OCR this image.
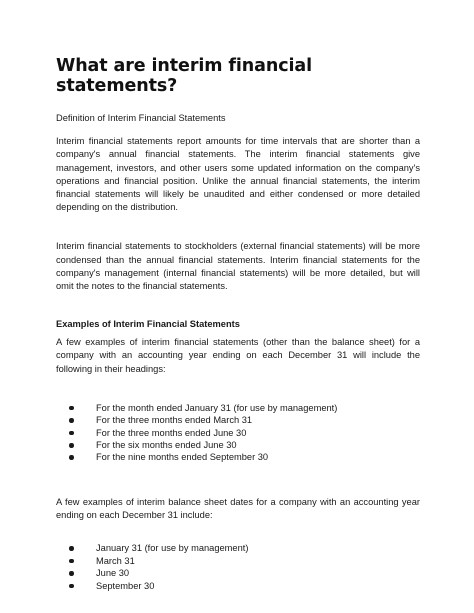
What are interim financial statements?

Definition of Interim Financial Statements

Interim financial statements report amounts for time intervals that are shorter than a company's annual financial statements. The interim financial statements give management, investors, and other users some updated information on the company's operations and financial position. Unlike the annual financial statements, the interim financial statements will likely be unaudited and either condensed or more detailed depending on the distribution.

Interim financial statements to stockholders (external financial statements) will be more condensed than the annual financial statements. Interim financial statements for the company's management (internal financial statements) will be more detailed, but will omit the notes to the financial statements.

Examples of Interim Financial Statements

A few examples of interim financial statements (other than the balance sheet) for a company with an accounting year ending on each December 31 will include the following in their headings:

For the month ended January 31 (for use by management)
For the three months ended March 31
For the three months ended June 30
For the six months ended June 30
For the nine months ended September 30

A few examples of interim balance sheet dates for a company with an accounting year ending on each December 31 include:

January 31 (for use by management)
March 31
June 30
September 30
